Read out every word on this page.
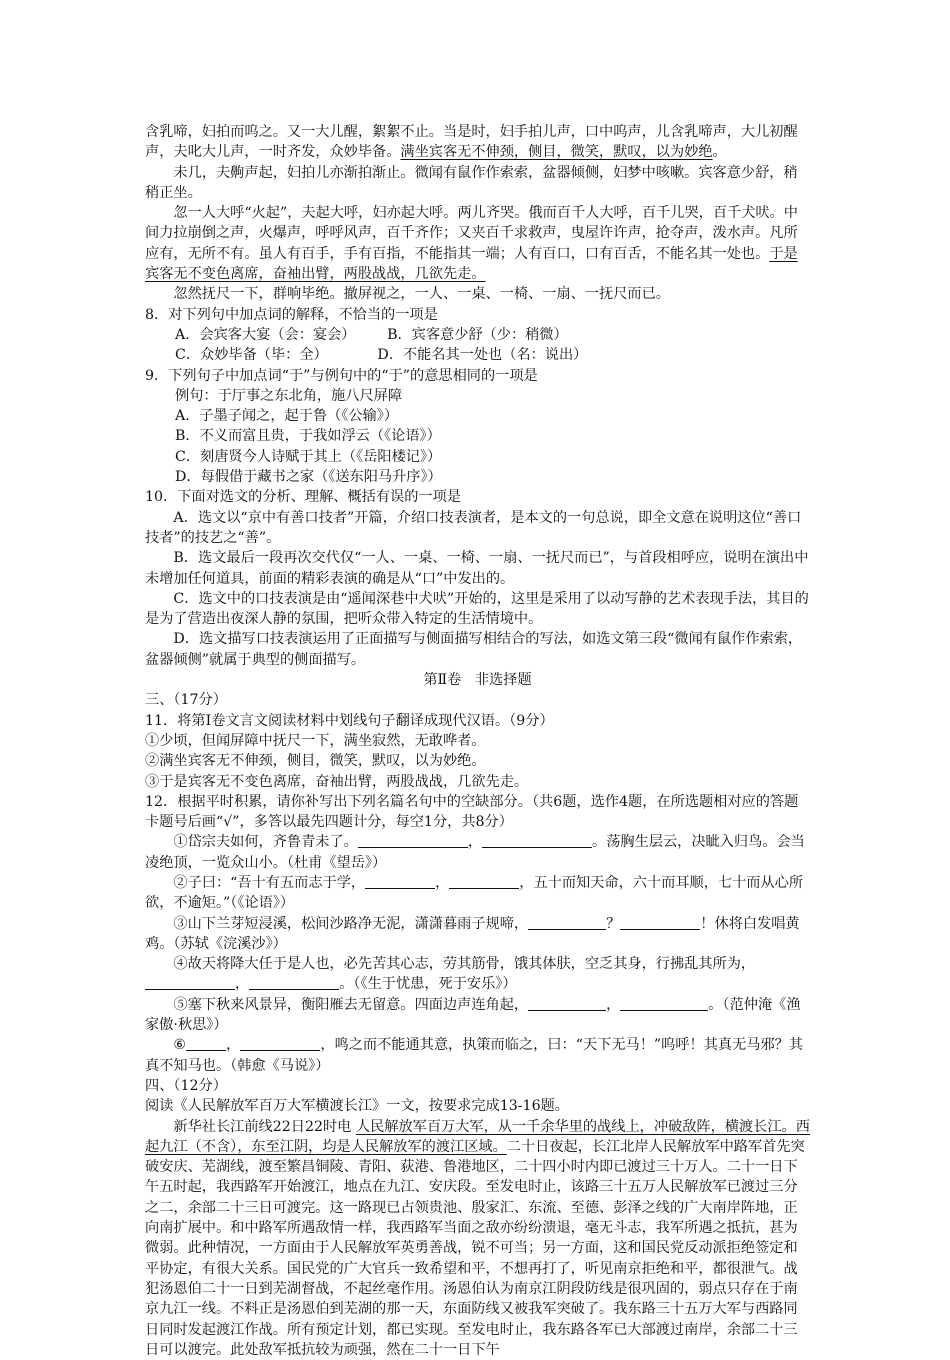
含乳啼，妇拍而呜之。又一大儿醒，絮絮不止。当是时，妇手拍儿声，口中呜声，儿含乳啼声，大儿初醒声，夫叱大儿声，一时齐发，众妙毕备。满坐宾客无不伸颈，侧目，微笑，默叹，以为妙绝。

未几，夫齁声起，妇拍儿亦渐拍渐止。微闻有鼠作作索索，盆器倾侧，妇梦中咳嗽。宾客意少舒，稍稍正坐。

忽一人大呼“火起”，夫起大呼，妇亦起大呼。两儿齐哭。俄而百千人大呼，百千儿哭，百千犬吠。中间力拉崩倒之声，火爆声，呼呼风声，百千齐作；又夹百千求救声，曳屋许许声，抢夺声，泼水声。凡所应有，无所不有。虽人有百手，手有百指，不能指其一端；人有百口，口有百舌，不能名其一处也。于是宾客无不变色离席，奋袖出臂，两股战战，几欲先走。

忽然抚尺一下，群响毕绝。撤屏视之，一人、一桌、一椅、一扇、一抚尺而已。

8．对下列句中加点词的解释，不恰当的一项是

A．会宾客大宴（会：宴会）       B．宾客意少舒（少：稍微）

C．众妙毕备（毕：全）           D．不能名其一处也（名：说出）

9．下列句子中加点词“于”与例句中的“于”的意思相同的一项是

例句：于厅事之东北角，施八尺屏障

A．子墨子闻之，起于鲁（《公输》）

B．不义而富且贵，于我如浮云（《论语》）

C．刻唐贤今人诗赋于其上（《岳阳楼记》）

D．每假借于藏书之家（《送东阳马升序》）

10．下面对选文的分析、理解、概括有误的一项是

A．选文以“京中有善口技者”开篇，介绍口技表演者，是本文的一句总说，即全文意在说明这位“善口技者”的技艺之“善”。

B．选文最后一段再次交代仅“一人、一桌、一椅、一扇、一抚尺而已”，与首段相呼应，说明在演出中未增加任何道具，前面的精彩表演的确是从“口”中发出的。

C．选文中的口技表演是由“遥闻深巷中犬吠”开始的，这里是采用了以动写静的艺术表现手法，其目的是为了营造出夜深人静的氛围，把听众带入特定的生活情境中。

D．选文描写口技表演运用了正面描写与侧面描写相结合的写法，如选文第三段“微闻有鼠作作索索，盆器倾侧”就属于典型的侧面描写。

第Ⅱ卷   非选择题

三、（17分）

11．将第Ⅰ卷文言文阅读材料中划线句子翻译成现代汉语。（9分）

①少顷，但闻屏障中抚尺一下，满坐寂然，无敢哗者。

②满坐宾客无不伸颈，侧目，微笑，默叹，以为妙绝。

③于是宾客无不变色离席，奋袖出臂，两股战战，几欲先走。

12．根据平时积累，请你补写出下列名篇名句中的空缺部分。（共6题，选作4题，在所选题相对应的答题卡题号后画“√”，多答以最先四题计分，每空1分，共8分）

①岱宗夫如何，齐鲁青未了。	，	。荡胸生层云，决眦入归鸟。会当凌绝顶，一览众山小。（杜甫《望岳》）

②子曰：“吾十有五而志于学，	，	，五十而知天命，六十而耳顺，七十而从心所欲，不逾矩。”（《论语》）

③山下兰芽短浸溪，松间沙路净无泥，潇潇暮雨子规啼，	？	！休将白发唱黄鸡。（苏轼《浣溪沙》）

④故天将降大任于是人也，必先苦其心志，劳其筋骨，饿其体肤，空乏其身，行拂乱其所为，，	。（《生于忧患，死于安乐》）

⑤塞下秋来风景异，衡阳雁去无留意。四面边声连角起，	，	。（范仲淹《渔家傲·秋思》）

⑥	，	，鸣之而不能通其意，执策而临之，曰：“天下无马！”呜呼！其真无马邪？其真不知马也。（韩愈《马说》）

四、（12分）

阅读《人民解放军百万大军横渡长江》一文，按要求完成13-16题。

新华社长江前线22日22时电 人民解放军百万大军，从一千余华里的战线上，冲破敌阵，横渡长江。西起九江（不含），东至江阴，均是人民解放军的渡江区域。二十日夜起，长江北岸人民解放军中路军首先突破安庆、芜湖线，渡至繁昌铜陵、青阳、荻港、鲁港地区，二十四小时内即已渡过三十万人。二十一日下午五时起，我西路军开始渡江，地点在九江、安庆段。至发电时止，该路三十五万人民解放军已渡过三分之二，余部二十三日可渡完。这一路现已占领贵池、殷家汇、东流、至德、彭泽之线的广大南岸阵地，正向南扩展中。和中路军所遇敌情一样，我西路军当面之敌亦纷纷溃退，毫无斗志，我军所遇之抵抗，甚为微弱。此种情况，一方面由于人民解放军英勇善战，锐不可当；另一方面，这和国民党反动派拒绝签定和平协定，有很大关系。国民党的广大官兵一致希望和平，不想再打了，听见南京拒绝和平，都很泄气。战犯汤恩伯二十一日到芜湖督战，不起丝毫作用。汤恩伯认为南京江阴段防线是很巩固的，弱点只存在于南京九江一线。不料正是汤恩伯到芜湖的那一天，东面防线又被我军突破了。我东路三十五万大军与西路同日同时发起渡江作战。所有预定计划，都已实现。至发电时止，我东路各军已大部渡过南岸，余部二十三日可以渡完。此处敌军抵抗较为顽强，然在二十一日下午
